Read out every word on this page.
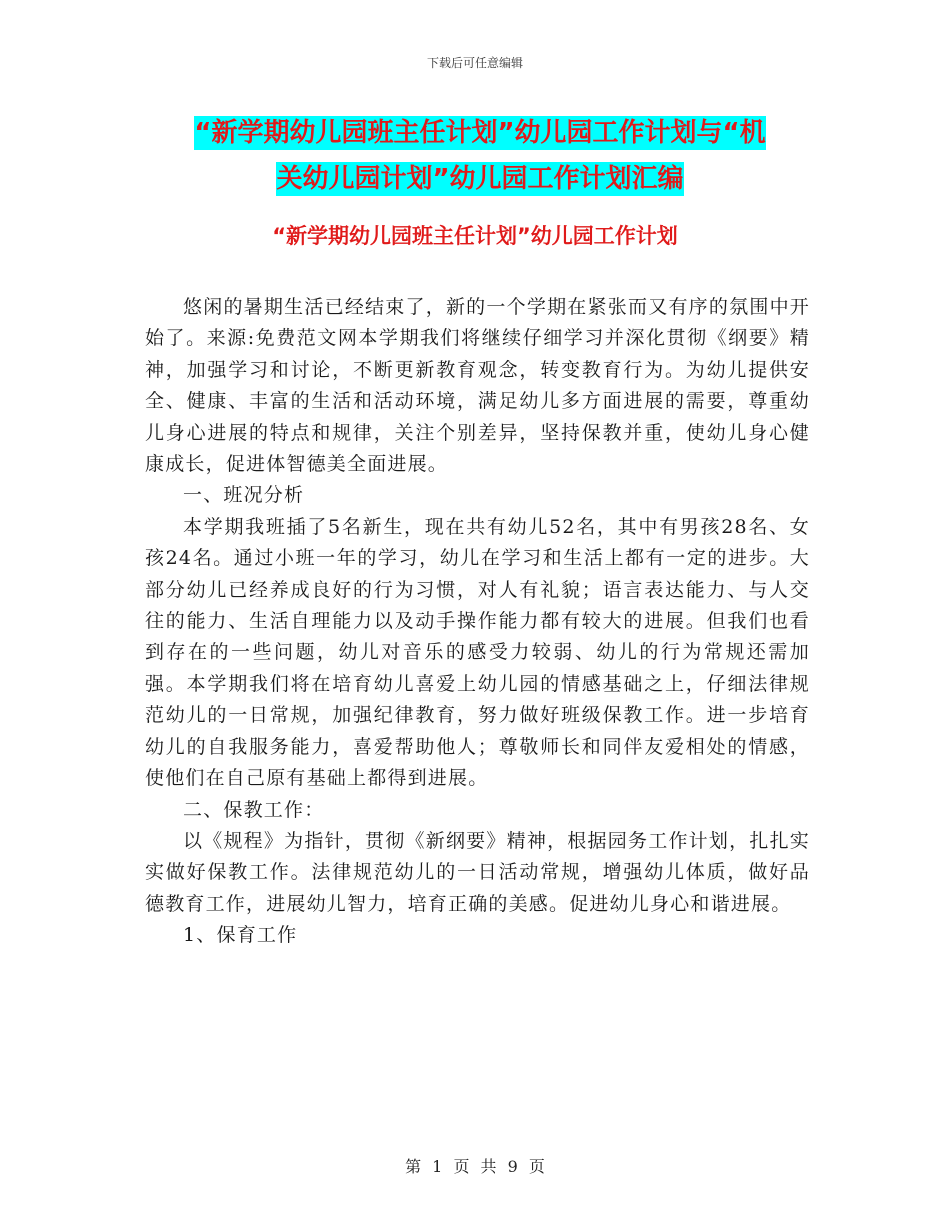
下载后可任意编辑
“新学期幼儿园班主任计划”幼儿园工作计划与“机
关幼儿园计划”幼儿园工作计划汇编
“新学期幼儿园班主任计划”幼儿园工作计划

悠闲的暑期生活已经结束了，新的一个学期在紧张而又有序的氛围中开始了。来源:免费范文网本学期我们将继续仔细学习并深化贯彻《纲要》精神，加强学习和讨论，不断更新教育观念，转变教育行为。为幼儿提供安全、健康、丰富的生活和活动环境，满足幼儿多方面进展的需要，尊重幼儿身心进展的特点和规律，关注个别差异，坚持保教并重，使幼儿身心健康成长，促进体智德美全面进展。

一、班况分析

本学期我班插了5名新生，现在共有幼儿52名，其中有男孩28名、女孩24名。通过小班一年的学习，幼儿在学习和生活上都有一定的进步。大部分幼儿已经养成良好的行为习惯，对人有礼貌；语言表达能力、与人交往的能力、生活自理能力以及动手操作能力都有较大的进展。但我们也看到存在的一些问题，幼儿对音乐的感受力较弱、幼儿的行为常规还需加强。本学期我们将在培育幼儿喜爱上幼儿园的情感基础之上，仔细法律规范幼儿的一日常规，加强纪律教育，努力做好班级保教工作。进一步培育幼儿的自我服务能力，喜爱帮助他人；尊敬师长和同伴友爱相处的情感，使他们在自己原有基础上都得到进展。

二、保教工作：

以《规程》为指针，贯彻《新纲要》精神，根据园务工作计划，扎扎实实做好保教工作。法律规范幼儿的一日活动常规，增强幼儿体质，做好品德教育工作，进展幼儿智力，培育正确的美感。促进幼儿身心和谐进展。

1、保育工作

第 1 页 共 9 页
